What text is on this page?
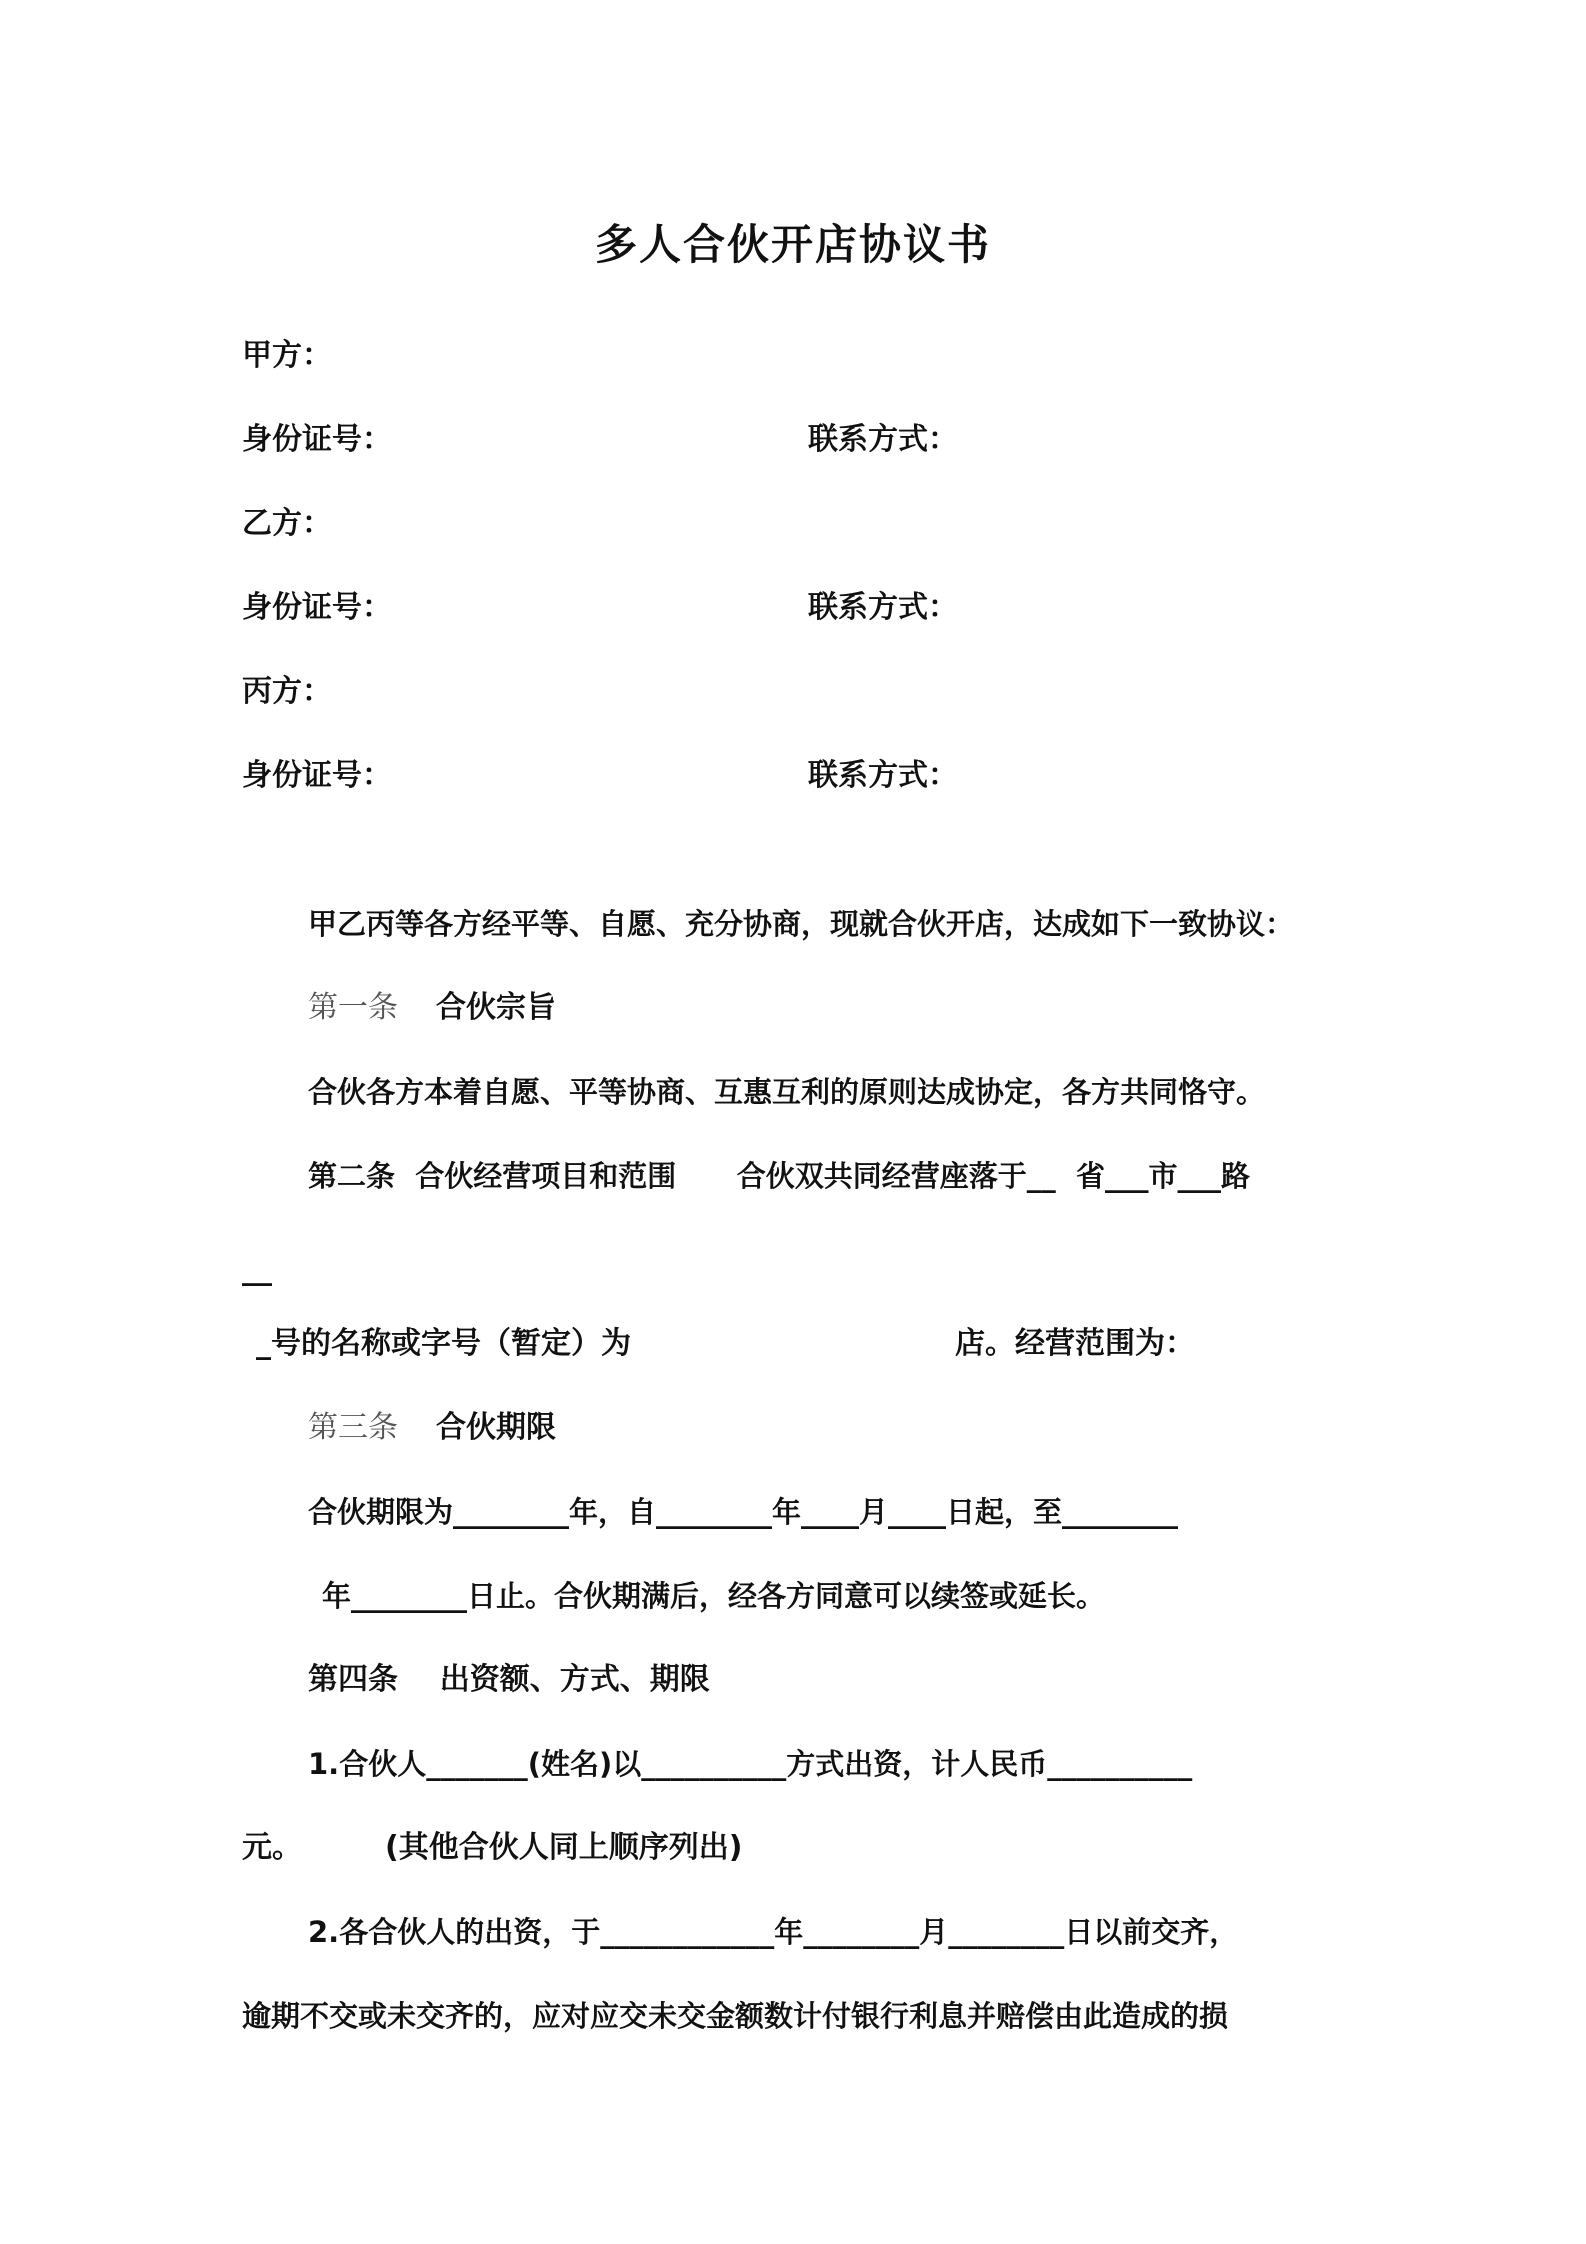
多人合伙开店协议书
甲方：
身份证号：	联系方式：
乙方：
身份证号：	联系方式：
丙方：
身份证号：	联系方式：
甲乙丙等各方经平等、自愿、充分协商，现就合伙开店，达成如下一致协议：
第一条 合伙宗旨
合伙各方本着自愿、平等协商、互惠互利的原则达成协定，各方共同恪守。
第二条  合伙经营项目和范围      合伙双共同经营座落于__  省___市___路
__
_号的名称或字号（暂定）为	店。经营范围为：
第三条 合伙期限
合伙期限为________年，自________年____月____日起，至________
年________日止。合伙期满后，经各方同意可以续签或延长。
第四条    出资额、方式、期限
1.合伙人_______(姓名)以__________方式出资，计人民币__________
元。	(其他合伙人同上顺序列出)
2.各合伙人的出资，于____________年________月________日以前交齐，
逾期不交或未交齐的，应对应交未交金额数计付银行利息并赔偿由此造成的损
